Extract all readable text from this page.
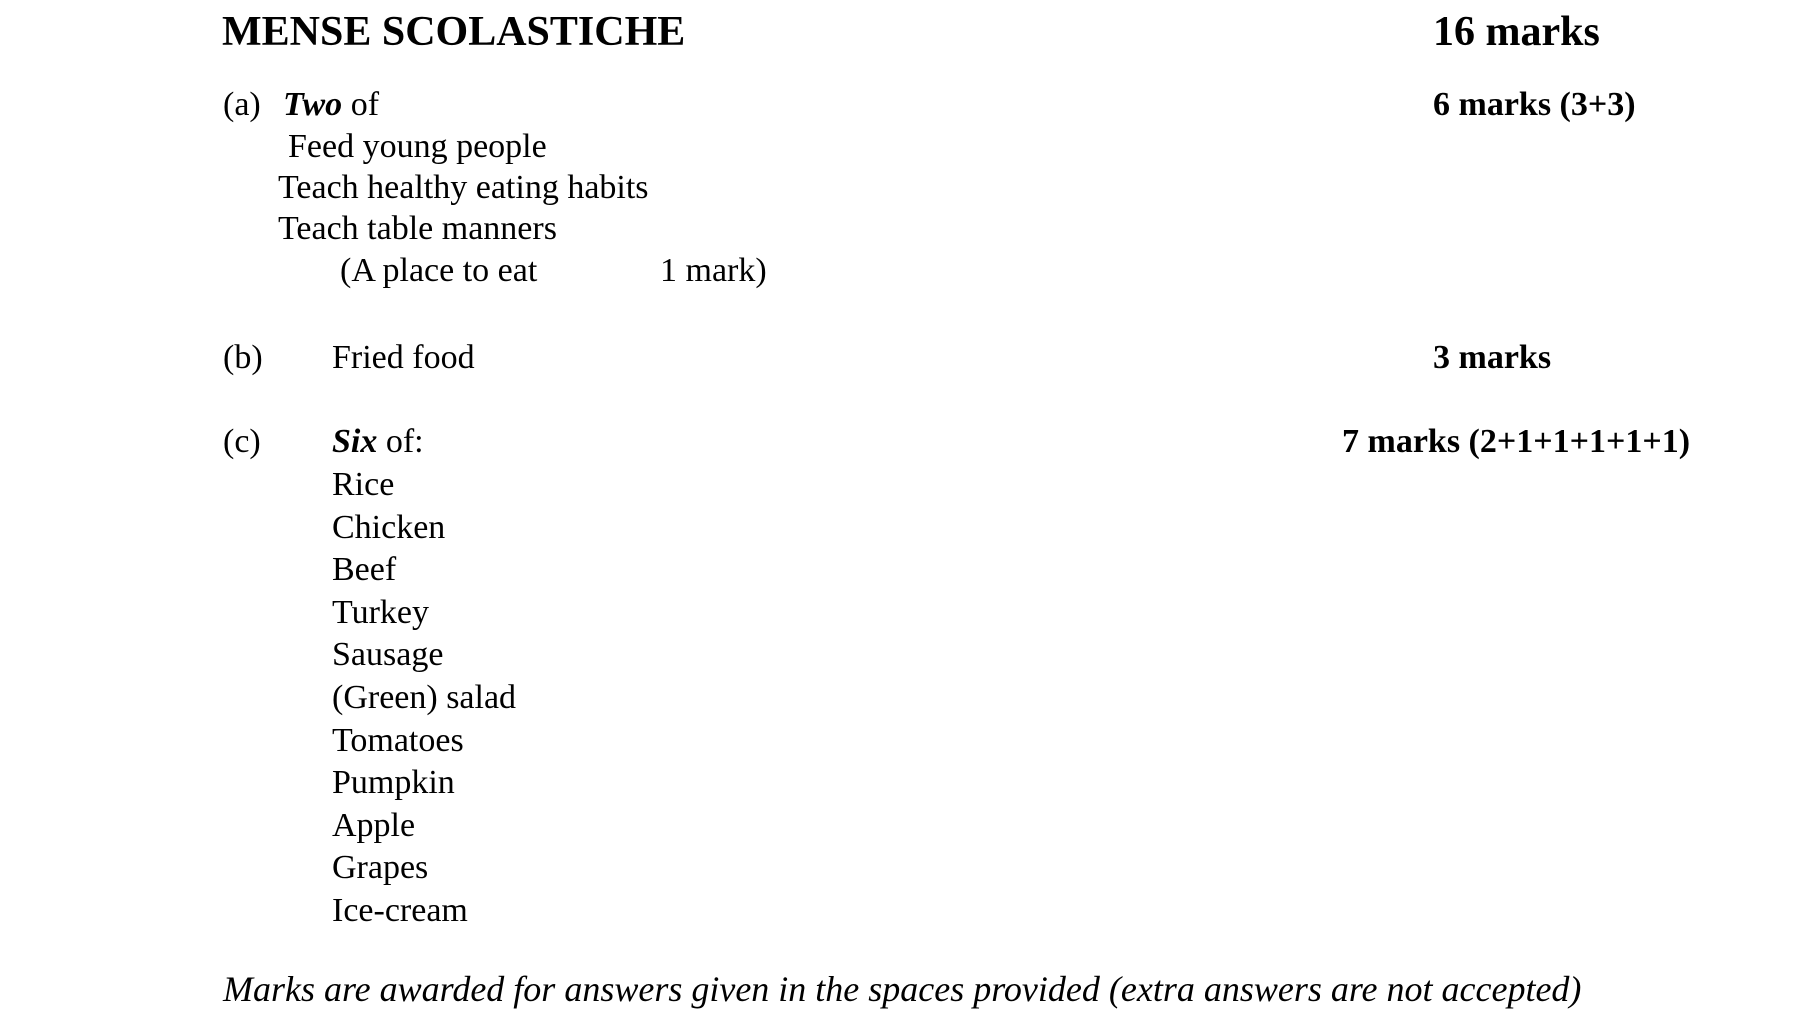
MENSE SCOLASTICHE	16 marks
(a) Two of	6 marks (3+3)
Feed young people
Teach healthy eating habits
Teach table manners
(A place to eat	1 mark)
(b) Fried food	3 marks
(c) Six of:	7 marks (2+1+1+1+1+1)
Rice
Chicken
Beef
Turkey
Sausage
(Green) salad
Tomatoes
Pumpkin
Apple
Grapes
Ice-cream
Marks are awarded for answers given in the spaces provided (extra answers are not accepted)
